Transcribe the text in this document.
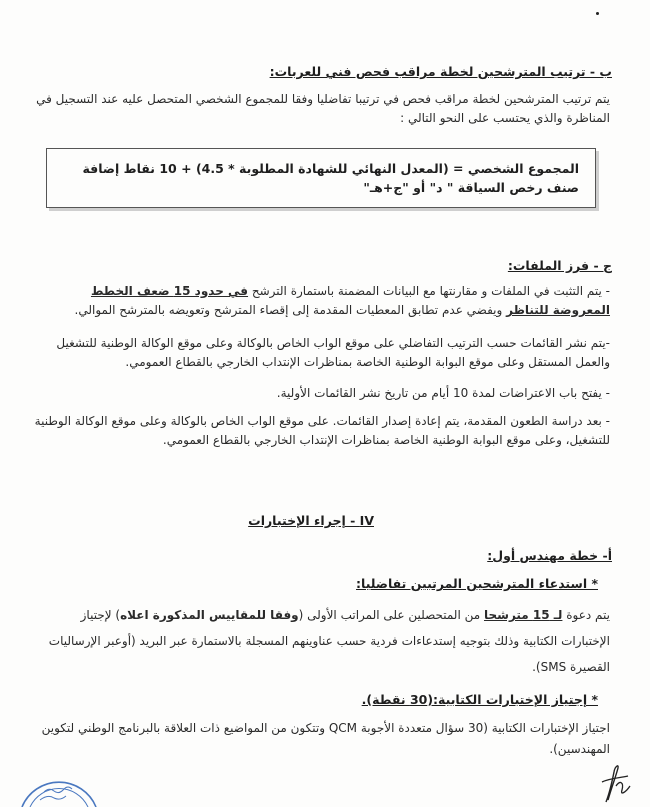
ب - ترتيب المترشحين لخطة مراقب فحص فني للعربات:
يتم ترتيب المترشحين لخطة مراقب فحص في ترتيبا تفاضليا وفقا للمجموع الشخصي المتحصل عليه عند التسجيل في المناظرة والذي يحتسب على النحو التالي :
المجموع الشخصي = (المعدل النهائي للشهادة المطلوبة * 4.5) + 10 نقاط إضافة صنف رخص السياقة " د" أو "ج+هـ"
ج - فرز الملفات:
- يتم التثبت في الملفات و مقارنتها مع البيانات المضمنة باستمارة الترشح في حدود 15 ضعف الخطط المعروضة للتناظر ويفضي عدم تطابق المعطيات المقدمة إلى إقصاء المترشح وتعويضه بالمترشح الموالي.
-يتم نشر القائمات حسب الترتيب التفاضلي على موقع الواب الخاص بالوكالة وعلى موقع الوكالة الوطنية للتشغيل والعمل المستقل وعلى موقع البوابة الوطنية الخاصة بمناظرات الإنتداب الخارجي بالقطاع العمومي.
- يفتح باب الاعتراضات لمدة 10 أيام من تاريخ نشر القائمات الأولية.
- بعد دراسة الطعون المقدمة، يتم إعادة إصدار القائمات. على موقع الواب الخاص بالوكالة وعلى موقع الوكالة الوطنية للتشغيل، وعلى موقع البوابة الوطنية الخاصة بمناظرات الإنتداب الخارجي بالقطاع العمومي.
IV - إجراء الإختبارات
أ- خطة مهندس أول:
* استدعاء المترشحين المرتبين تفاضليا:
يتم دعوة لـ 15 مترشحا من المتحصلين على المراتب الأولى (وفقا للمقاييس المذكورة اعلاه) لإجتياز الإختبارات الكتابية وذلك بتوجيه إستدعاءات فردية حسب عناوينهم المسجلة بالاستمارة عبر البريد (أوعبر الإرساليات القصيرة SMS).
* إجتياز الإختبارات الكتابية:(30 نقطة).
اجتياز الإختبارات الكتابية (30 سؤال متعددة الأجوبة QCM وتتكون من المواضيع ذات العلاقة بالبرنامج الوطني لتكوين المهندسين).
